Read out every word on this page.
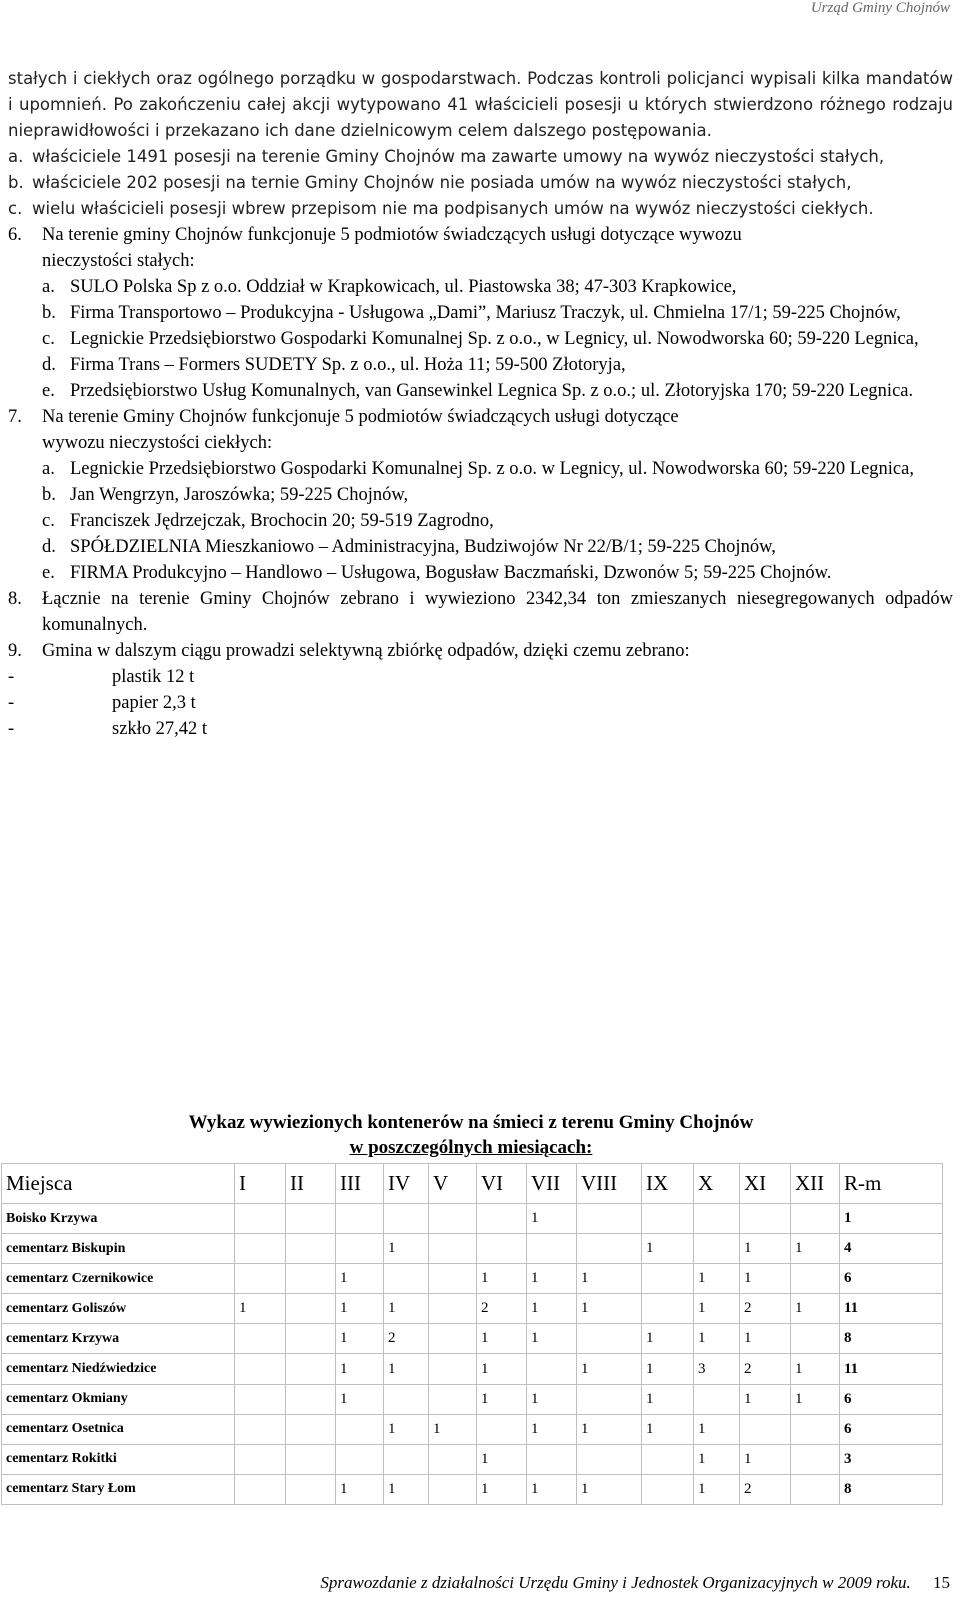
Urząd Gminy Chojnów

stałych i ciekłych oraz ogólnego porządku w gospodarstwach. Podczas kontroli policjanci wypisali kilka mandatów i upomnień. Po zakończeniu całej akcji wytypowano 41 właścicieli posesji u których stwierdzono różnego rodzaju nieprawidłowości i przekazano ich dane dzielnicowym celem dalszego postępowania.

a. właściciele 1491 posesji na terenie Gminy Chojnów ma zawarte umowy na wywóz nieczystości stałych,
b. właściciele 202 posesji na ternie Gminy Chojnów nie posiada umów na wywóz nieczystości stałych,
c. wielu właścicieli posesji wbrew przepisom nie ma podpisanych umów na wywóz nieczystości ciekłych.
6.	Na terenie gminy Chojnów funkcjonuje 5 podmiotów świadczących usługi dotyczące wywozu
nieczystości stałych:
a. SULO Polska Sp z o.o. Oddział w Krapkowicach, ul. Piastowska 38; 47-303 Krapkowice,
b. Firma Transportowo – Produkcyjna - Usługowa „Dami”, Mariusz Traczyk, ul. Chmielna 17/1; 59-225 Chojnów,
c. Legnickie Przedsiębiorstwo Gospodarki Komunalnej Sp. z o.o., w Legnicy, ul. Nowodworska 60; 59-220 Legnica,
d. Firma Trans – Formers SUDETY Sp. z o.o., ul. Hoża 11; 59-500 Złotoryja,
e. Przedsiębiorstwo Usług Komunalnych, van Gansewinkel Legnica Sp. z o.o.; ul. Złotoryjska 170; 59-220 Legnica.
7.	Na terenie Gminy Chojnów funkcjonuje 5 podmiotów świadczących usługi dotyczące
wywozu nieczystości ciekłych:
a. Legnickie Przedsiębiorstwo Gospodarki Komunalnej Sp. z o.o. w Legnicy, ul. Nowodworska 60; 59-220 Legnica,
b. Jan Wengrzyn, Jaroszówka; 59-225 Chojnów,
c. Franciszek Jędrzejczak, Brochocin 20; 59-519 Zagrodno,
d. SPÓŁDZIELNIA Mieszkaniowo – Administracyjna, Budziwojów Nr 22/B/1; 59-225 Chojnów,
e. FIRMA Produkcyjno – Handlowo – Usługowa, Bogusław Baczmański, Dzwonów 5; 59-225 Chojnów.
8.	Łącznie na terenie Gminy Chojnów zebrano i wywieziono 2342,34 ton zmieszanych niesegregowanych odpadów komunalnych.
9.	Gmina w dalszym ciągu prowadzi selektywną zbiórkę odpadów, dzięki czemu zebrano:
-	plastik 12 t
-	papier 2,3 t
-	szkło 27,42 t
Wykaz wywiezionych kontenerów na śmieci z terenu Gminy Chojnów
w poszczególnych miesiącach:
Miejsca	I	II	III	IV	V	VI	VII	VIII	IX	X	XI	XII	R-m
Boisko Krzywa							1						1
cementarz Biskupin				1					1		1	1	4
cementarz Czernikowice			1			1	1	1		1	1		6
cementarz Goliszów	1		1	1		2	1	1		1	2	1	11
cementarz Krzywa			1	2		1	1		1	1	1		8
cementarz Niedźwiedzice			1	1		1		1	1	3	2	1	11
cementarz Okmiany			1			1	1		1		1	1	6
cementarz Osetnica				1	1		1	1	1	1			6
cementarz Rokitki						1				1	1		3
cementarz Stary Łom			1	1		1	1	1		1	2		8
Sprawozdanie z działalności Urzędu Gminy i Jednostek Organizacyjnych w 2009 roku. 15
